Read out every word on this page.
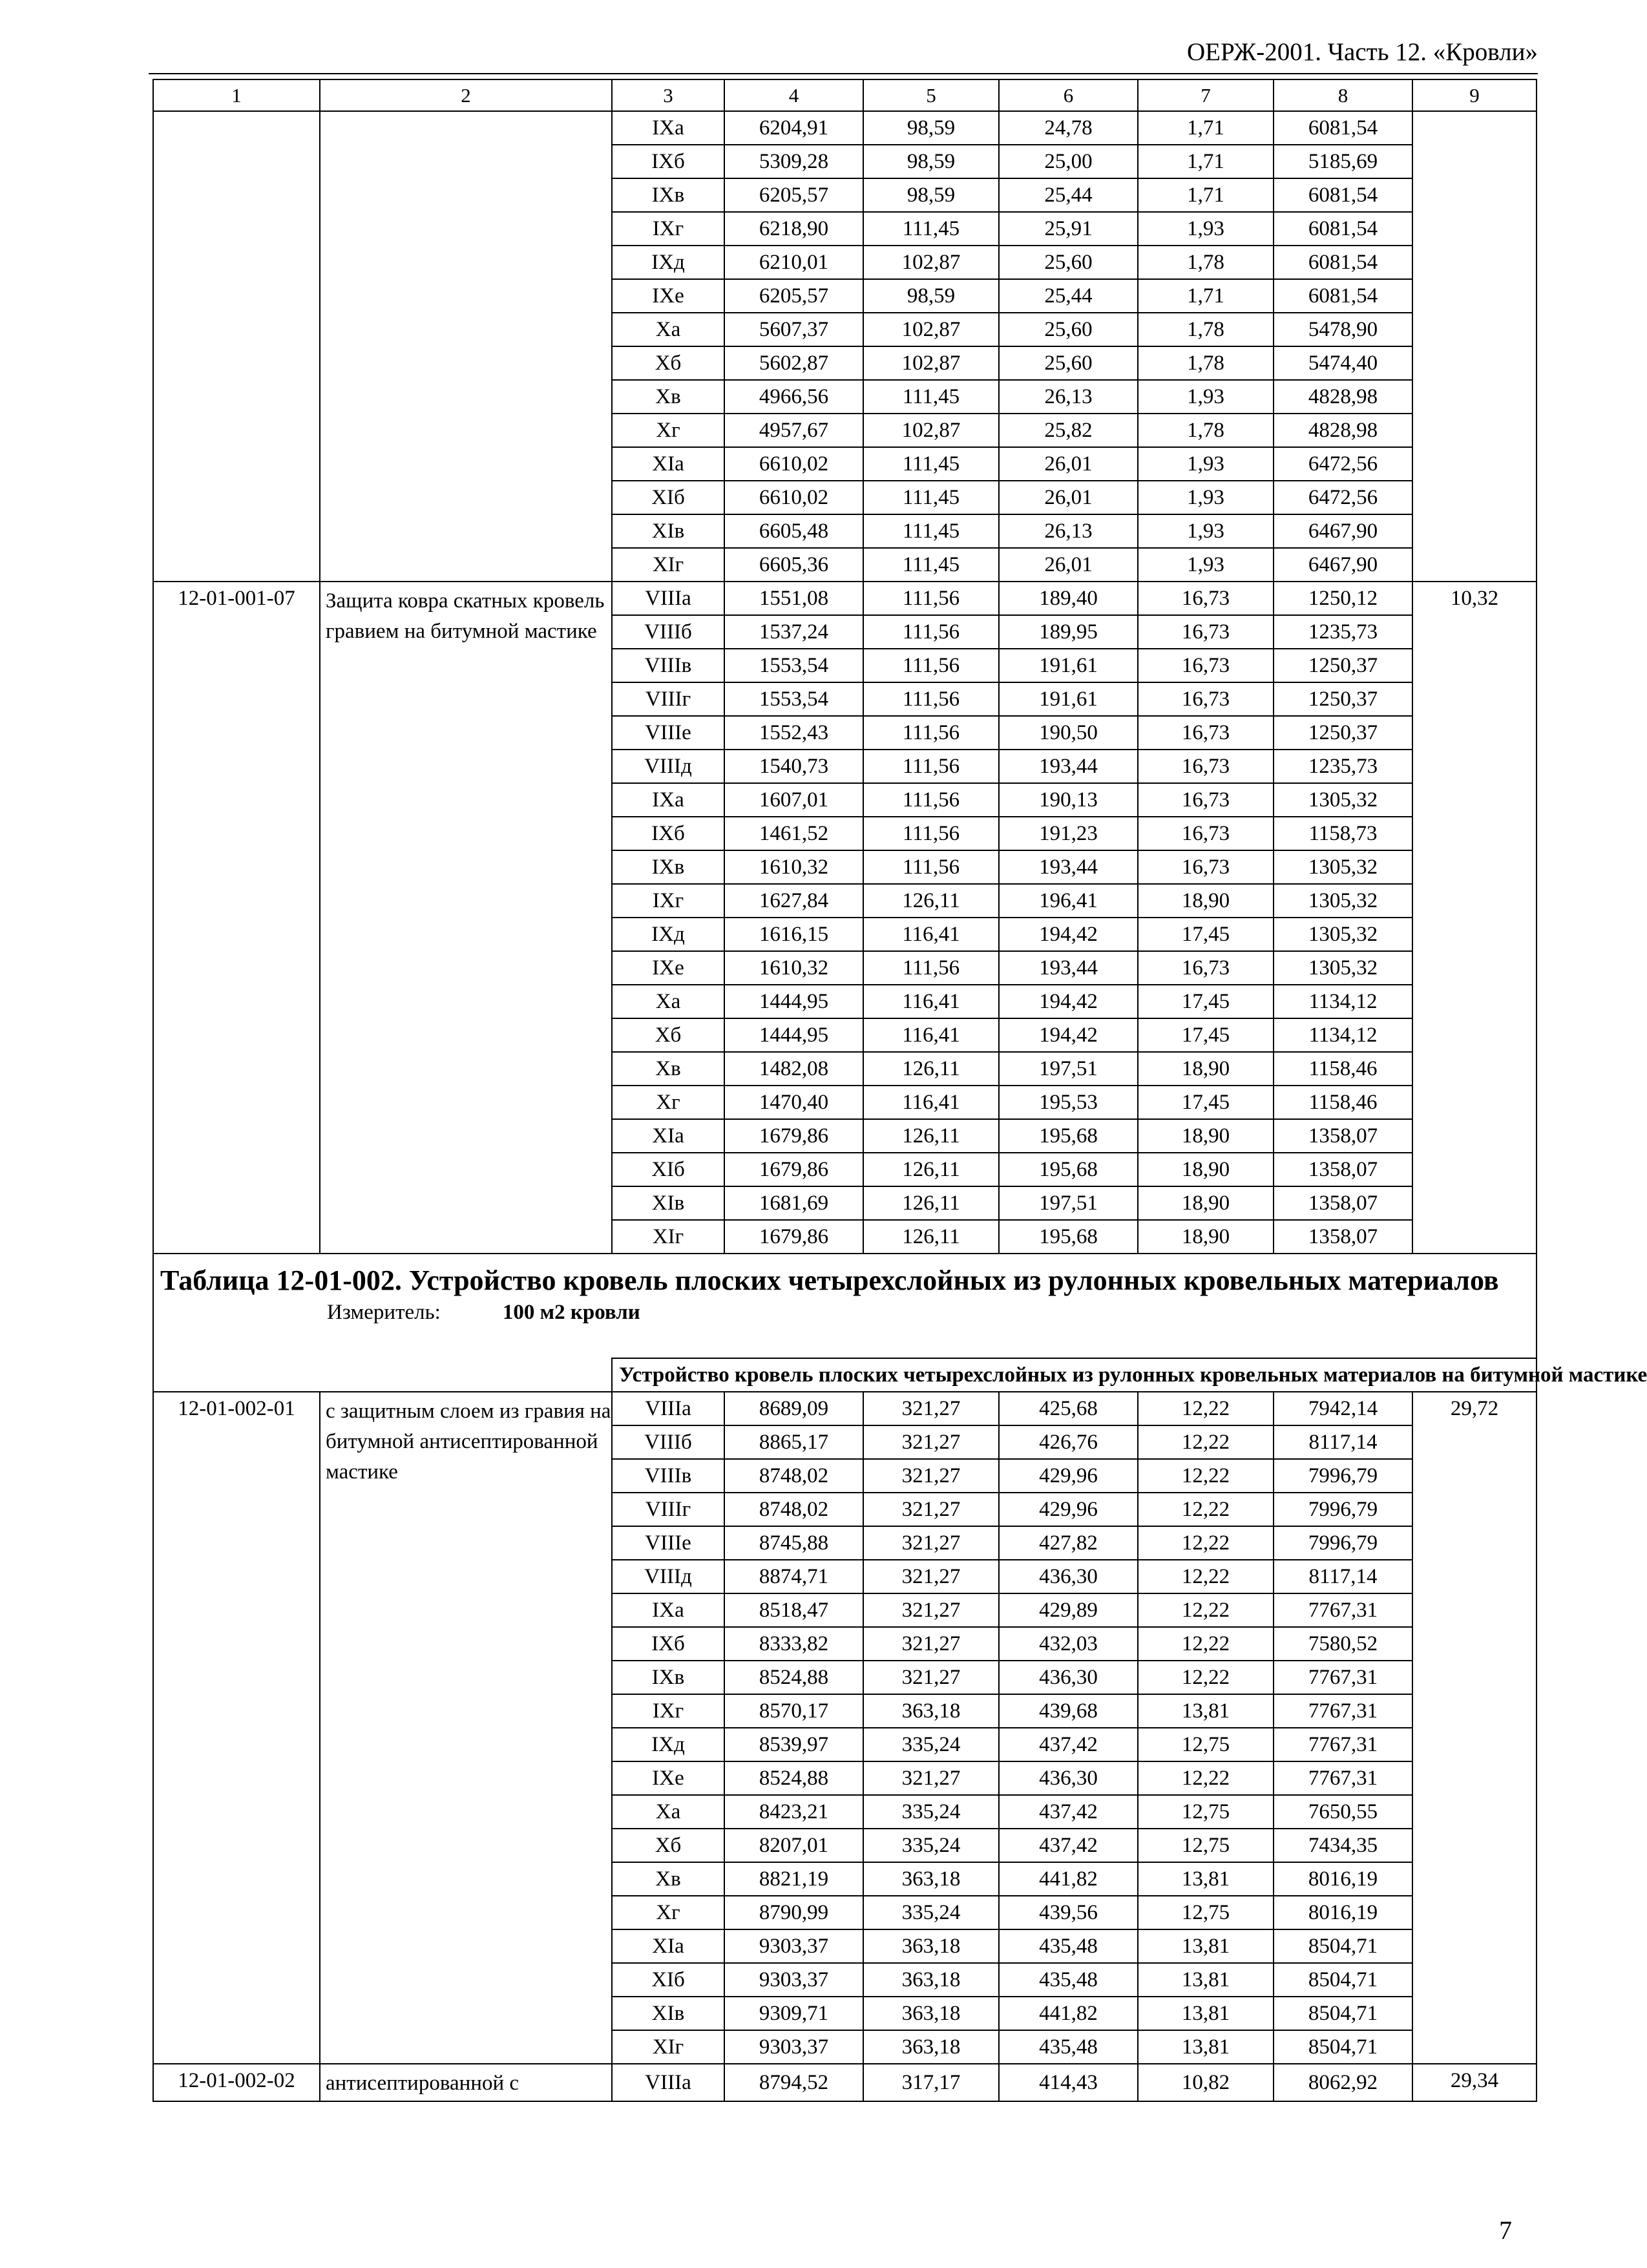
ОЕРЖ-2001. Часть 12. «Кровли»
1	2	3	4	5	6	7	8	9
		IXа	6204,91	98,59	24,78	1,71	6081,54	
		IXб	5309,28	98,59	25,00	1,71	5185,69	
		IXв	6205,57	98,59	25,44	1,71	6081,54	
		IXг	6218,90	111,45	25,91	1,93	6081,54	
		IXд	6210,01	102,87	25,60	1,78	6081,54	
		IXе	6205,57	98,59	25,44	1,71	6081,54	
		Xа	5607,37	102,87	25,60	1,78	5478,90	
		Xб	5602,87	102,87	25,60	1,78	5474,40	
		Xв	4966,56	111,45	26,13	1,93	4828,98	
		Xг	4957,67	102,87	25,82	1,78	4828,98	
		XIа	6610,02	111,45	26,01	1,93	6472,56	
		XIб	6610,02	111,45	26,01	1,93	6472,56	
		XIв	6605,48	111,45	26,13	1,93	6467,90	
		XIг	6605,36	111,45	26,01	1,93	6467,90	
12-01-001-07	Защита ковра скатных кровель гравием на битумной мастике	VIIIа	1551,08	111,56	189,40	16,73	1250,12	10,32
		VIIIб	1537,24	111,56	189,95	16,73	1235,73	
		VIIIв	1553,54	111,56	191,61	16,73	1250,37	
		VIIIг	1553,54	111,56	191,61	16,73	1250,37	
		VIIIе	1552,43	111,56	190,50	16,73	1250,37	
		VIIIд	1540,73	111,56	193,44	16,73	1235,73	
		IXа	1607,01	111,56	190,13	16,73	1305,32	
		IXб	1461,52	111,56	191,23	16,73	1158,73	
		IXв	1610,32	111,56	193,44	16,73	1305,32	
		IXг	1627,84	126,11	196,41	18,90	1305,32	
		IXд	1616,15	116,41	194,42	17,45	1305,32	
		IXе	1610,32	111,56	193,44	16,73	1305,32	
		Xа	1444,95	116,41	194,42	17,45	1134,12	
		Xб	1444,95	116,41	194,42	17,45	1134,12	
		Xв	1482,08	126,11	197,51	18,90	1158,46	
		Xг	1470,40	116,41	195,53	17,45	1158,46	
		XIа	1679,86	126,11	195,68	18,90	1358,07	
		XIб	1679,86	126,11	195,68	18,90	1358,07	
		XIв	1681,69	126,11	197,51	18,90	1358,07	
		XIг	1679,86	126,11	195,68	18,90	1358,07	

Таблица 12-01-002. Устройство кровель плоских четырехслойных из рулонных кровельных материалов
Измеритель: 100 м2 кровли								

		Устройство кровель плоских четырехслойных из рулонных кровельных материалов на битумной мастике						
12-01-002-01	с защитным слоем из гравия на битумной антисептированной мастике	VIIIа	8689,09	321,27	425,68	12,22	7942,14	29,72
		VIIIб	8865,17	321,27	426,76	12,22	8117,14	
		VIIIв	8748,02	321,27	429,96	12,22	7996,79	
		VIIIг	8748,02	321,27	429,96	12,22	7996,79	
		VIIIе	8745,88	321,27	427,82	12,22	7996,79	
		VIIIд	8874,71	321,27	436,30	12,22	8117,14	
		IXа	8518,47	321,27	429,89	12,22	7767,31	
		IXб	8333,82	321,27	432,03	12,22	7580,52	
		IXв	8524,88	321,27	436,30	12,22	7767,31	
		IXг	8570,17	363,18	439,68	13,81	7767,31	
		IXд	8539,97	335,24	437,42	12,75	7767,31	
		IXе	8524,88	321,27	436,30	12,22	7767,31	
		Xа	8423,21	335,24	437,42	12,75	7650,55	
		Xб	8207,01	335,24	437,42	12,75	7434,35	
		Xв	8821,19	363,18	441,82	13,81	8016,19	
		Xг	8790,99	335,24	439,56	12,75	8016,19	
		XIа	9303,37	363,18	435,48	13,81	8504,71	
		XIб	9303,37	363,18	435,48	13,81	8504,71	
		XIв	9309,71	363,18	441,82	13,81	8504,71	
		XIг	9303,37	363,18	435,48	13,81	8504,71	
12-01-002-02	антисептированной с	VIIIа	8794,52	317,17	414,43	10,82	8062,92	29,34
7
